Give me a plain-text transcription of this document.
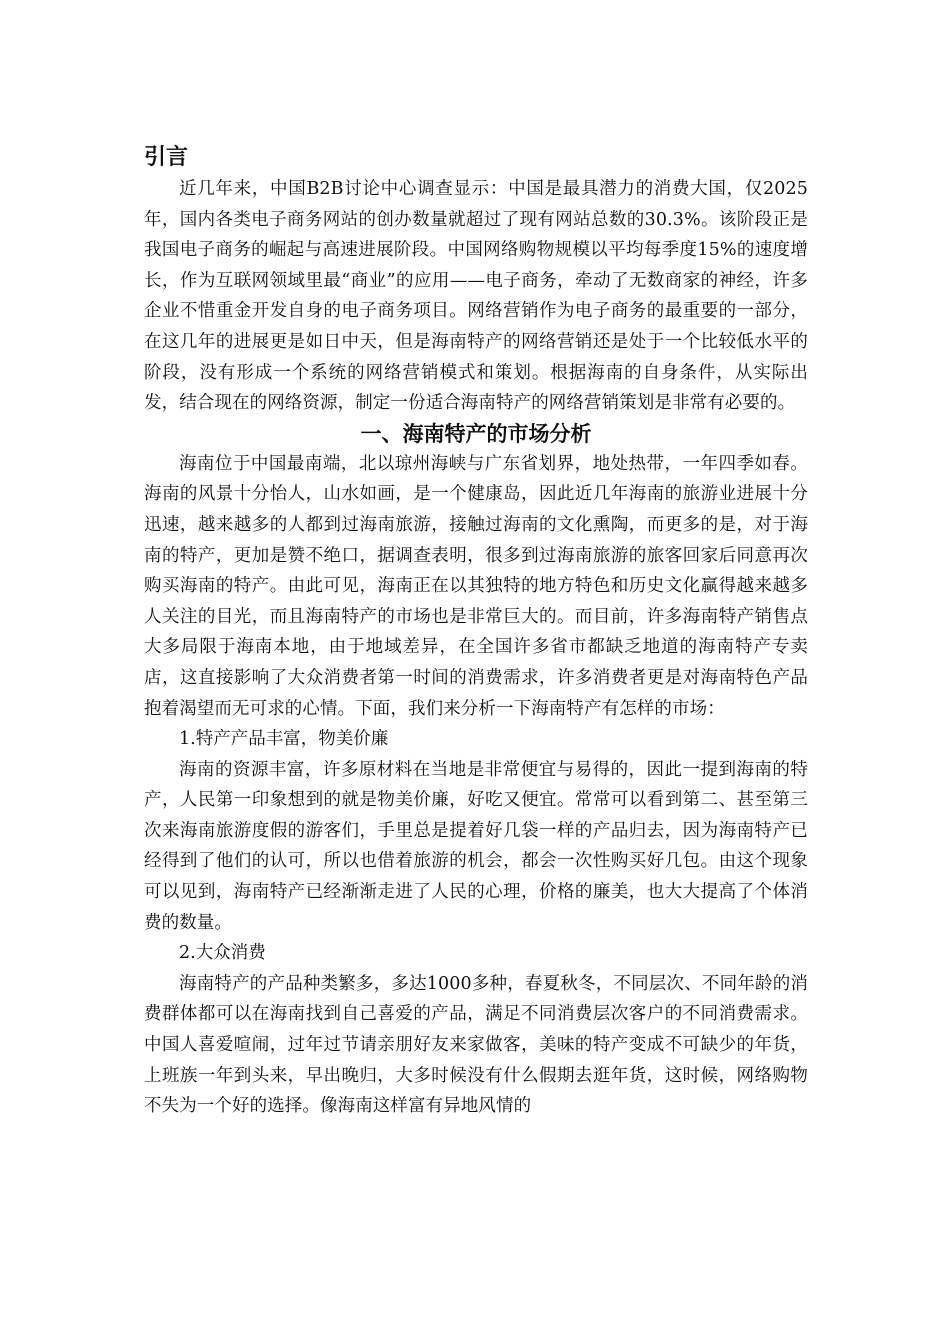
引言

近几年来，中国B2B讨论中心调查显示：中国是最具潜力的消费大国，仅2025年，国内各类电子商务网站的创办数量就超过了现有网站总数的30.3%。该阶段正是我国电子商务的崛起与高速进展阶段。中国网络购物规模以平均每季度15%的速度增长，作为互联网领域里最“商业”的应用——电子商务，牵动了无数商家的神经，许多企业不惜重金开发自身的电子商务项目。网络营销作为电子商务的最重要的一部分，在这几年的进展更是如日中天，但是海南特产的网络营销还是处于一个比较低水平的阶段，没有形成一个系统的网络营销模式和策划。根据海南的自身条件，从实际出发，结合现在的网络资源，制定一份适合海南特产的网络营销策划是非常有必要的。

一、海南特产的市场分析

海南位于中国最南端，北以琼州海峡与广东省划界，地处热带，一年四季如春。海南的风景十分怡人，山水如画，是一个健康岛，因此近几年海南的旅游业进展十分迅速，越来越多的人都到过海南旅游，接触过海南的文化熏陶，而更多的是，对于海南的特产，更加是赞不绝口，据调查表明，很多到过海南旅游的旅客回家后同意再次购买海南的特产。由此可见，海南正在以其独特的地方特色和历史文化赢得越来越多人关注的目光，而且海南特产的市场也是非常巨大的。而目前，许多海南特产销售点大多局限于海南本地，由于地域差异，在全国许多省市都缺乏地道的海南特产专卖店，这直接影响了大众消费者第一时间的消费需求，许多消费者更是对海南特色产品抱着渴望而无可求的心情。下面，我们来分析一下海南特产有怎样的市场：

1.特产产品丰富，物美价廉

海南的资源丰富，许多原材料在当地是非常便宜与易得的，因此一提到海南的特产，人民第一印象想到的就是物美价廉，好吃又便宜。常常可以看到第二、甚至第三次来海南旅游度假的游客们，手里总是提着好几袋一样的产品归去，因为海南特产已经得到了他们的认可，所以也借着旅游的机会，都会一次性购买好几包。由这个现象可以见到，海南特产已经渐渐走进了人民的心理，价格的廉美，也大大提高了个体消费的数量。

2.大众消费

海南特产的产品种类繁多，多达1000多种，春夏秋冬，不同层次、不同年龄的消费群体都可以在海南找到自己喜爱的产品，满足不同消费层次客户的不同消费需求。 中国人喜爱喧闹，过年过节请亲朋好友来家做客，美味的特产变成不可缺少的年货，上班族一年到头来，早出晚归，大多时候没有什么假期去逛年货，这时候，网络购物不失为一个好的选择。像海南这样富有异地风情的
